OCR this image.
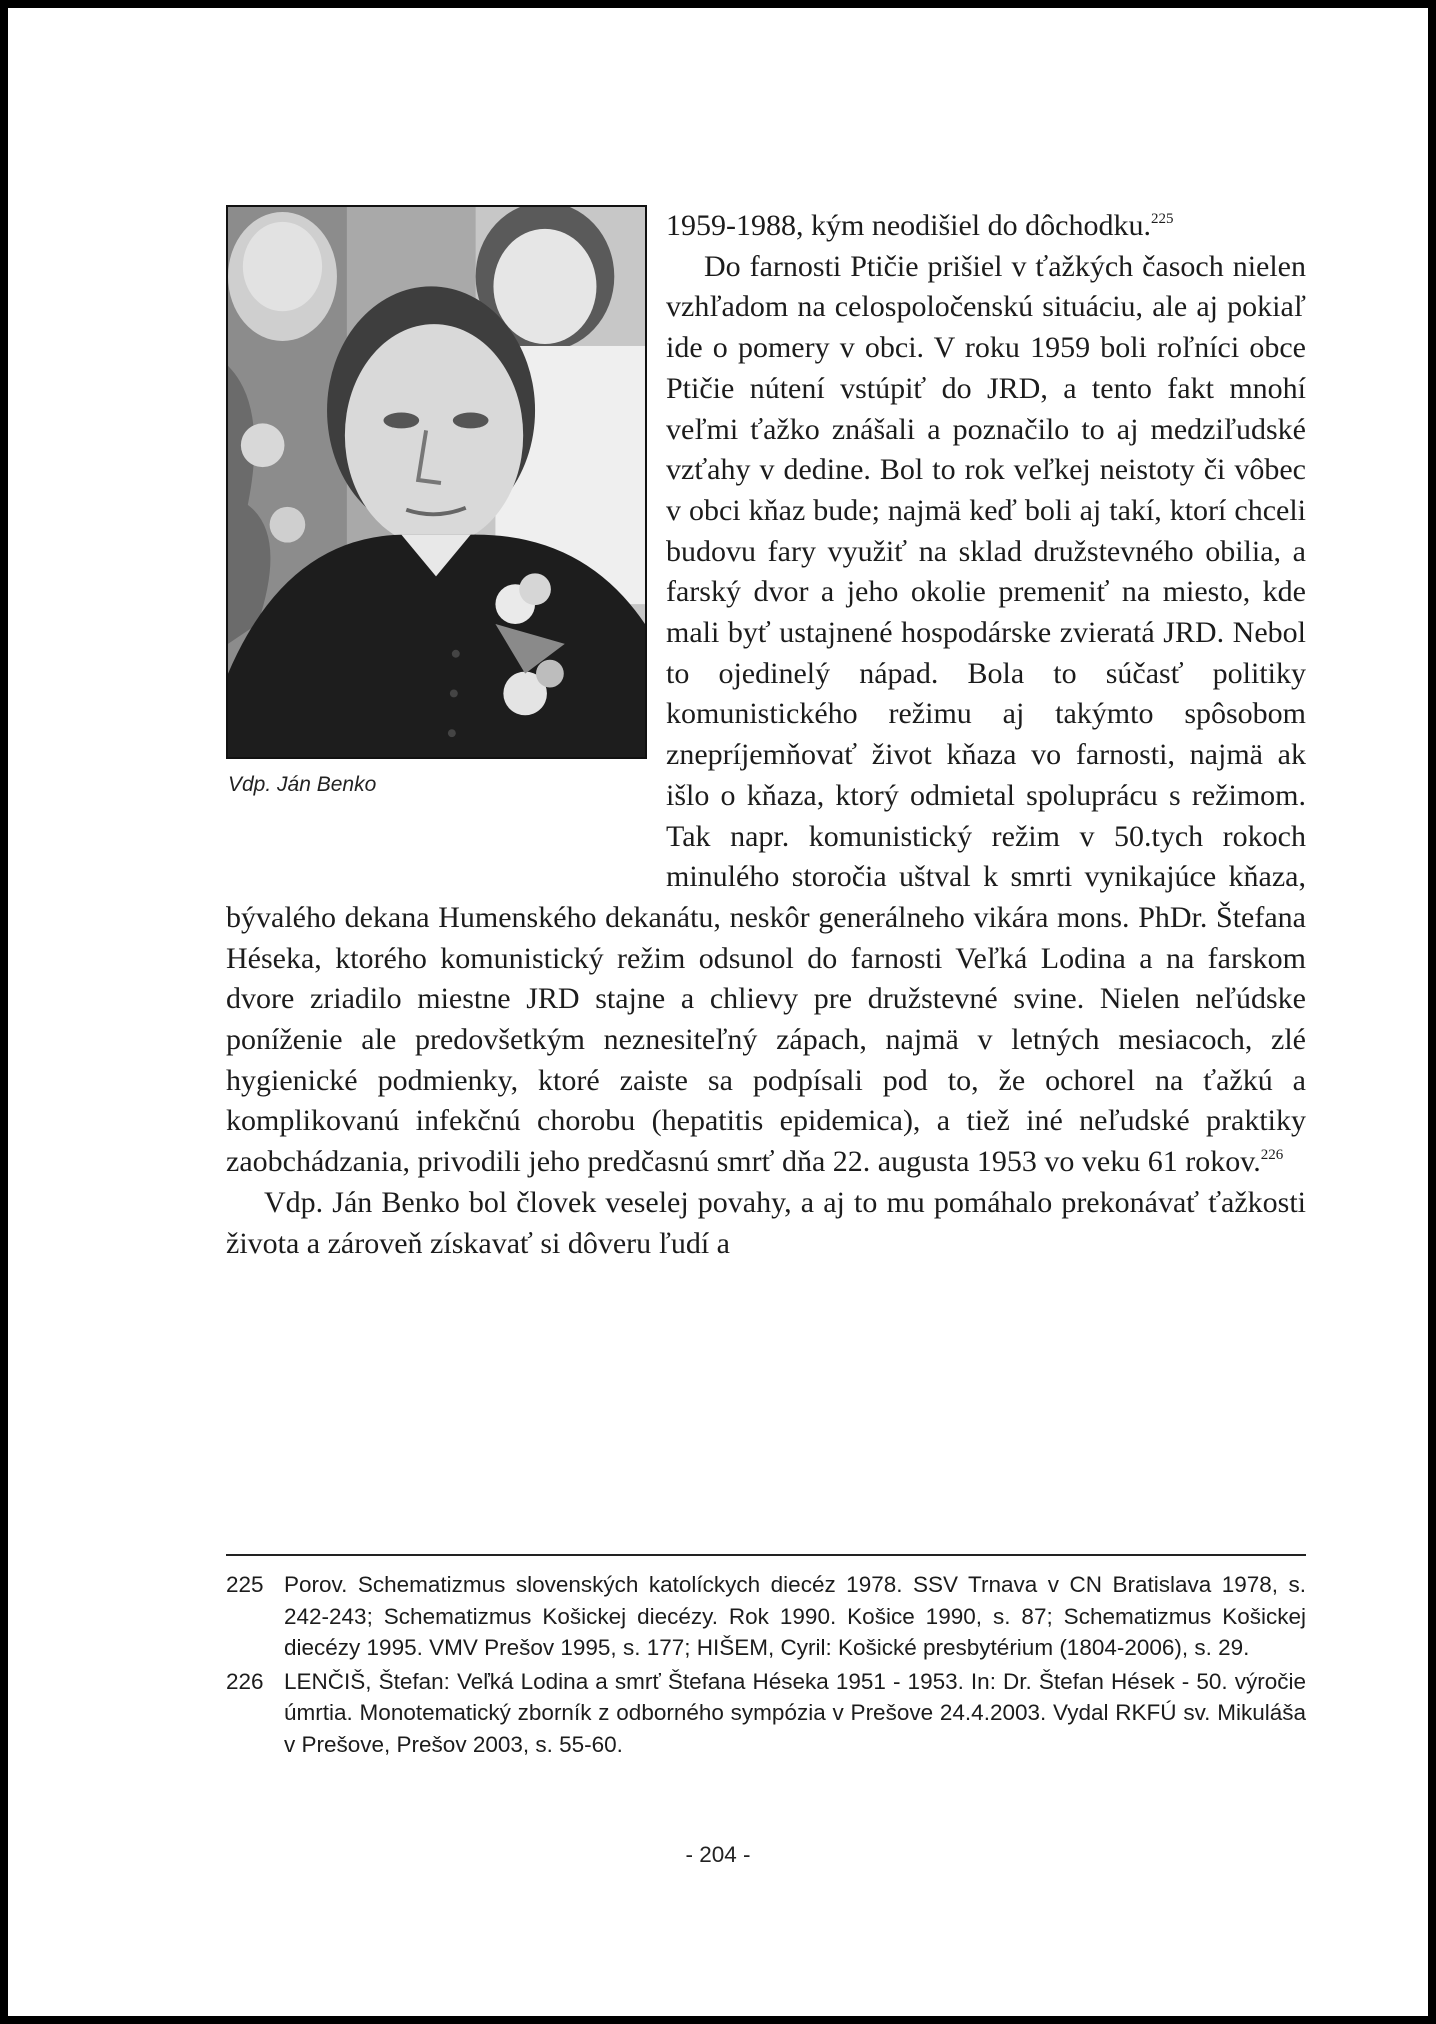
1959-1988, kým neodišiel do dôchodku.$^{225}$

Do farnosti Ptičie prišiel v ťažkých časoch nielen vzhľadom na celospoločenskú situáciu, ale aj pokiaľ ide o pomery v obci. V roku 1959 boli roľníci obce Ptičie nútení vstúpiť do JRD, a tento fakt mnohí veľmi ťažko znášali a poznačilo to aj medziľudské vzťahy v dedine. Bol to rok veľkej neistoty či vôbec v obci kňaz bude; najmä keď boli aj takí, ktorí chceli budovu fary využiť na sklad družstevného obilia, a farský dvor a jeho okolie premeniť na miesto, kde mali byť ustajnené hospodárske zvieratá JRD. Nebol to ojedinelý nápad. Bola to súčasť politiky komunistického režimu aj takýmto spôsobom znepríjemňovať život kňaza vo farnosti, najmä ak išlo o kňaza, ktorý odmietal spoluprácu s režimom. Tak napr. komunistický režim v 50.tych rokoch minulého storočia uštval k smrti vynikajúce kňaza, bývalého dekana Humenského dekanátu, neskôr generálneho vikára mons. PhDr. Štefana Héseka, ktorého komunistický režim odsunol do farnosti Veľká Lodina a na farskom dvore zriadilo miestne JRD stajne a chlievy pre družstevné svine. Nielen neľúdske poníženie ale predovšetkým neznesiteľný zápach, najmä v letných mesiacoch, zlé hygienické podmienky, ktoré zaiste sa podpísali pod to, že ochorel na ťažkú a komplikovanú infekčnú chorobu (hepatitis epidemica), a tiež iné neľudské praktiky zaobchádzania, privodili jeho predčasnú smrť dňa 22. augusta 1953 vo veku 61 rokov.$^{226}$

Vdp. Ján Benko bol človek veselej povahy, a aj to mu pomáhalo prekonávať ťažkosti života a zároveň získavať si dôveru ľudí a

Vdp. Ján Benko
225 Porov. Schematizmus slovenských katolíckych diecéz 1978. SSV Trnava v CN Bratislava 1978, s. 242-243; Schematizmus Košickej diecézy. Rok 1990. Košice 1990, s. 87; Schematizmus Košickej diecézy 1995. VMV Prešov 1995, s. 177; HIŠEM, Cyril: Košické presbytérium (1804-2006), s. 29.
226 LENČIŠ, Štefan: Veľká Lodina a smrť Štefana Héseka 1951 - 1953. In: Dr. Štefan Hések - 50. výročie úmrtia. Monotematický zborník z odborného sympózia v Prešove 24.4.2003. Vydal RKFÚ sv. Mikuláša v Prešove, Prešov 2003, s. 55-60.
- 204 -
